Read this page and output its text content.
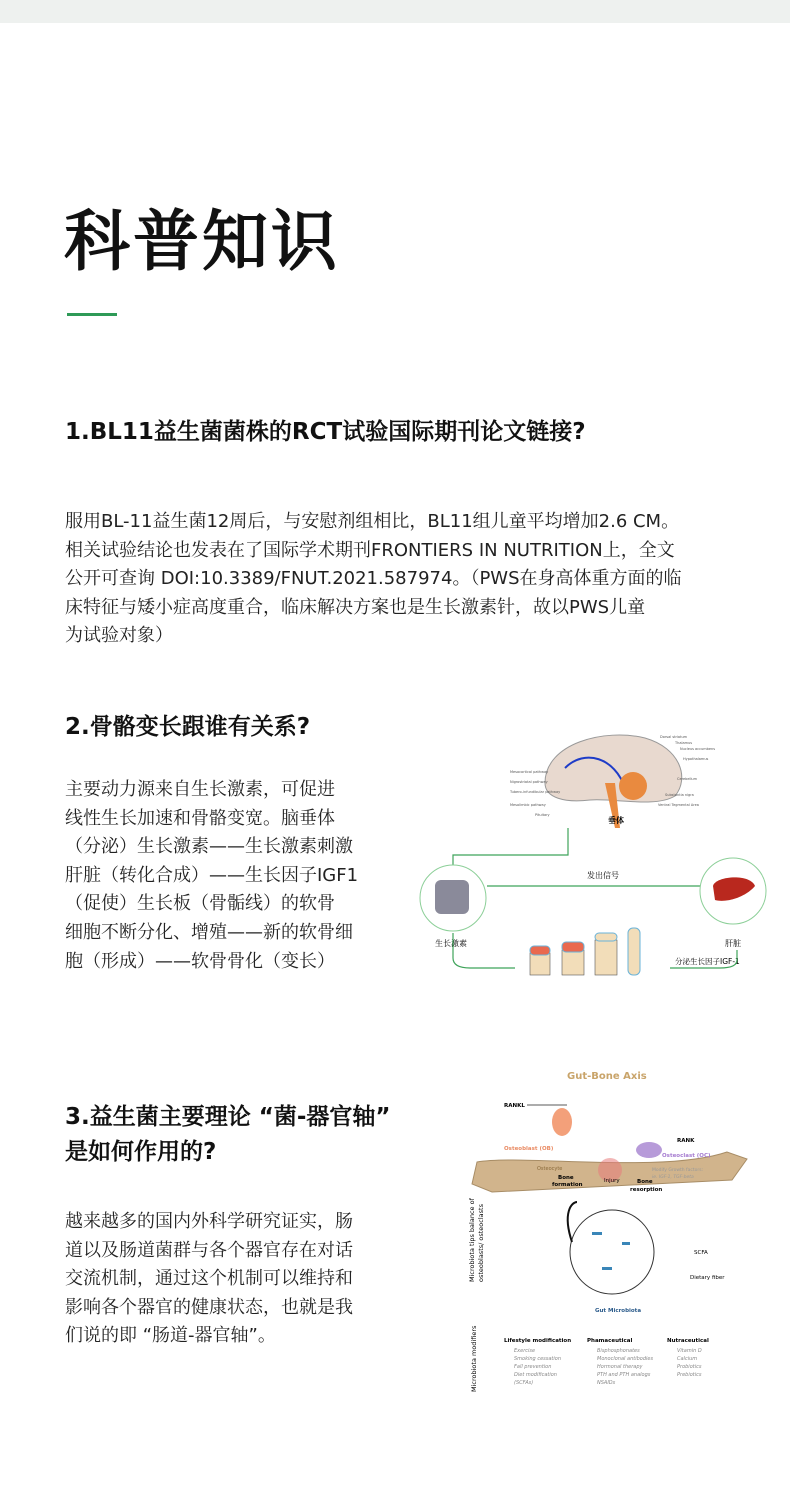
科普知识
1.BL11益生菌菌株的RCT试验国际期刊论文链接?
服用BL-11益生菌12周后，与安慰剂组相比，BL11组儿童平均增加2.6 CM。
相关试验结论也发表在了国际学术期刊FRONTIERS IN NUTRITION上，全文
公开可查询 DOI:10.3389/FNUT.2021.587974。（PWS在身高体重方面的临
床特征与矮小症高度重合，临床解决方案也是生长激素针，故以PWS儿童
为试验对象）
2.骨骼变长跟谁有关系?
主要动力源来自生长激素，可促进
线性生长加速和骨骼变宽。脑垂体
（分泌）生长激素——生长激素刺激
肝脏（转化合成）——生长因子IGF1
（促使）生长板（骨骺线）的软骨
细胞不断分化、增殖——新的软骨细
胞（形成）——软骨骨化（变长）
3.益生菌主要理论 “菌-器官轴”
是如何作用的?
越来越多的国内外科学研究证实，肠
道以及肠道菌群与各个器官存在对话
交流机制，通过这个机制可以维持和
影响各个器官的健康状态，也就是我
们说的即 “肠道-器官轴”。
垂体
Dorsal striatum
Thalamus
Nucleus accumbens
Hypothalamus
Mesocortical pathway
Nigrostriatal pathway
Tubero-infundibular pathway
Mesolimbic pathway
Cerebellum
Substantia nigra
Ventral Tegmental Area
Pituitary
发出信号
生长激素	肝脏
分泌生长因子IGF-1
Gut-Bone Axis
RANKL
RANK
Osteoblast (OB)
Osteoclast (OC)
Osteocyte	Modify Growth factors:
ie. IGF-1, TGF-beta
Bone
formation
Injury	Bone
resorption
SCFA
Dietary fiber
Gut Microbiota
Microbiota tips balance of osteoblasts/ osteoclasts
Microbiota modifiers	Lifestyle modification
Exercise
Smoking cessation
Fall prevention
Diet modification
(SCFAs)
Phamaceutical
Bisphosphonates
Monoclonal antibodies
Hormonal therapy
PTH and PTH analogs
NSAIDs
Nutraceutical
Vitamin D
Calcium
Probiotics
Prebiotics
